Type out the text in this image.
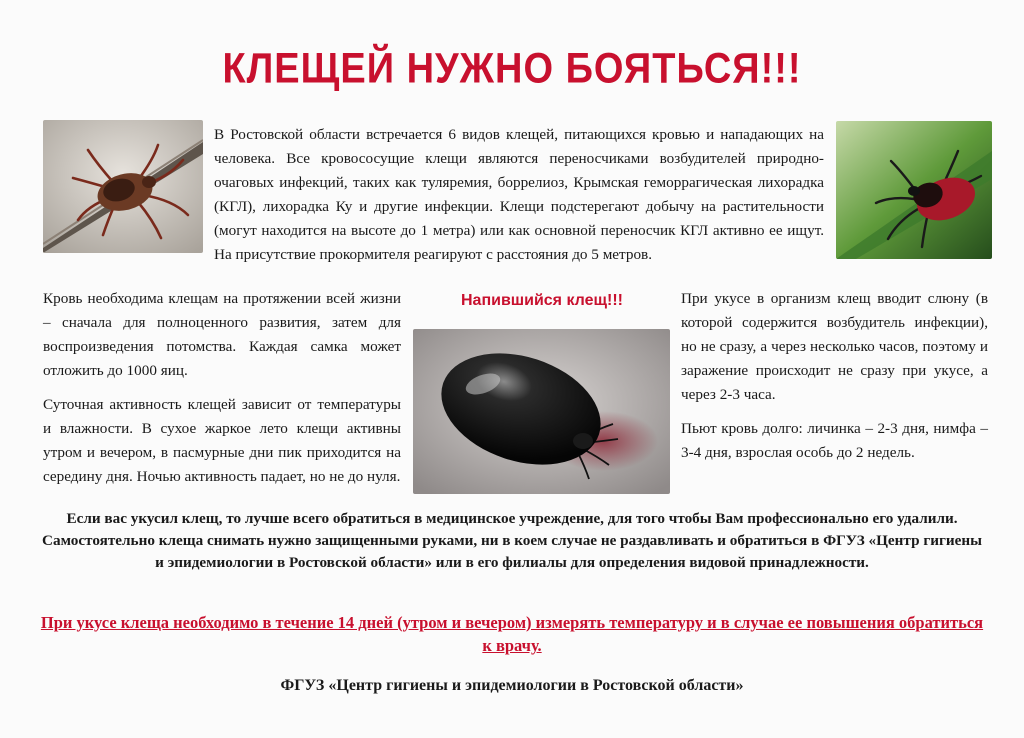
КЛЕЩЕЙ НУЖНО БОЯТЬСЯ!!!

В Ростовской области встречается 6 видов клещей, питающихся кровью и нападающих на человека. Все кровососущие клещи являются переносчиками возбудителей природно-очаговых инфекций, таких как туляремия, боррелиоз, Крымская геморрагическая лихорадка (КГЛ), лихорадка Ку и другие инфекции. Клещи подстерегают добычу на растительности (могут находится на высоте до 1 метра) или как основной переносчик КГЛ активно ее ищут. На присутствие прокормителя реагируют с расстояния до 5 метров.

Кровь необходима клещам на протяжении всей жизни – сначала для полноценного развития, затем для воспроизведения потомства. Каждая самка может отложить до 1000 яиц.

Суточная активность клещей зависит от температуры и влажности. В сухое жаркое лето клещи активны утром и вечером, в пасмурные дни пик приходится на середину дня. Ночью активность падает, но не до нуля.

Напившийся клещ!!!	При укусе в организм клещ вводит слюну (в которой содержится возбудитель инфекции), но не сразу, а через несколько часов, поэтому и заражение происходит не сразу при укусе, а через 2-3 часа.

Пьют кровь долго: личинка – 2-3 дня, нимфа – 3-4 дня, взрослая особь до 2 недель.

Если вас укусил клещ, то лучше всего обратиться в медицинское учреждение, для того чтобы Вам профессионально его удалили. Самостоятельно клеща снимать нужно защищенными руками, ни в коем случае не раздавливать и обратиться в ФГУЗ «Центр гигиены и эпидемиологии в Ростовской области» или в его филиалы для определения видовой принадлежности.
При укусе клеща необходимо в течение 14 дней (утром и вечером) измерять температуру и в случае ее повышения обратиться к врачу.
ФГУЗ «Центр гигиены и эпидемиологии в Ростовской области»
